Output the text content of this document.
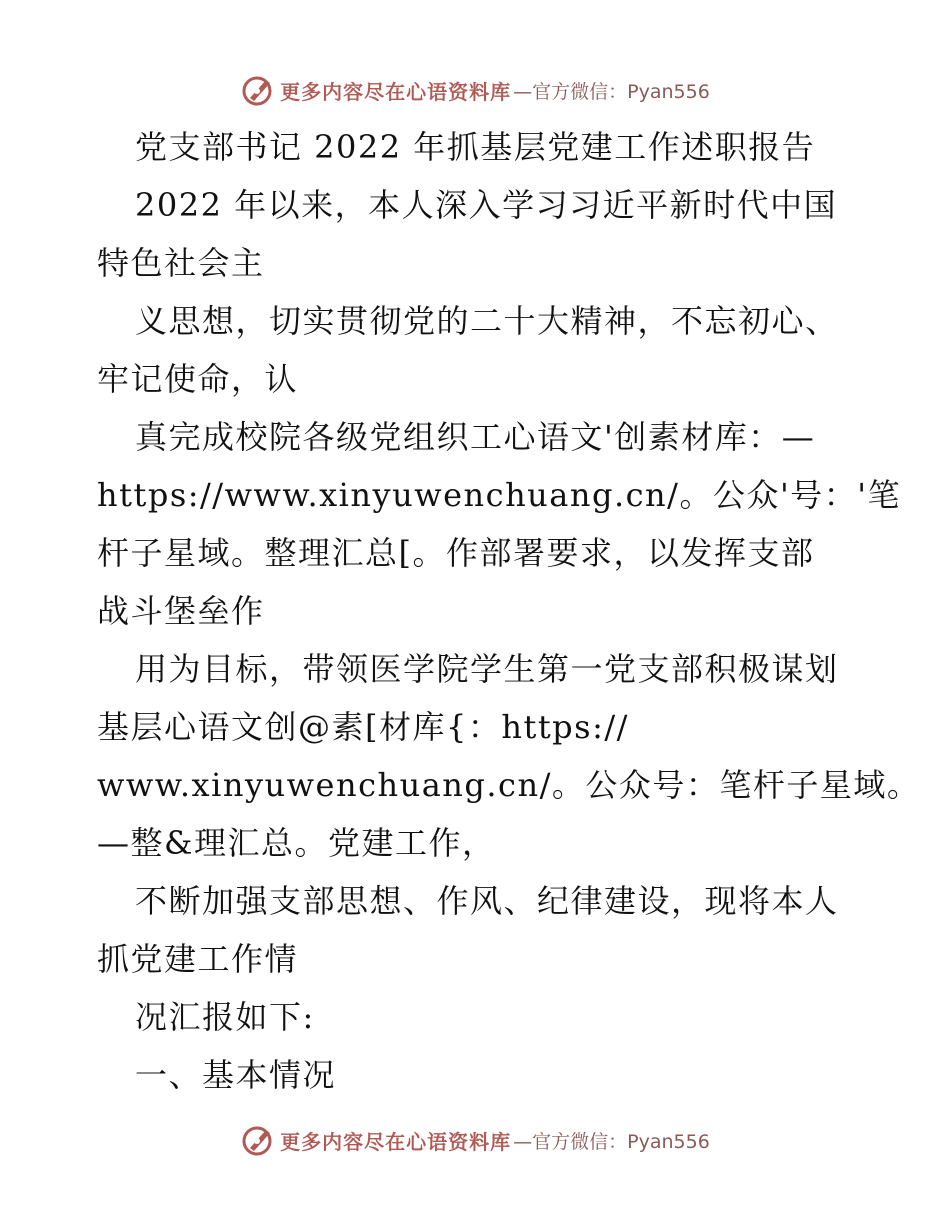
更多内容尽在心语资料库 —官方微信：Pyan556
党支部书记 2022 年抓基层党建工作述职报告
2022 年以来，本人深入学习习近平新时代中国
特色社会主
义思想，切实贯彻党的二十大精神，不忘初心、
牢记使命，认
真完成校院各级党组织工心语文'创素材库：—
https://www.xinyuwenchuang.cn/。公众'号：'笔
杆子星域。整理汇总[。作部署要求，以发挥支部
战斗堡垒作
用为目标，带领医学院学生第一党支部积极谋划
基层心语文创@素[材库{：https://
www.xinyuwenchuang.cn/。公众号：笔杆子星域。
—整&理汇总。党建工作，
不断加强支部思想、作风、纪律建设，现将本人
抓党建工作情
况汇报如下:
一、基本情况
更多内容尽在心语资料库 —官方微信：Pyan556
